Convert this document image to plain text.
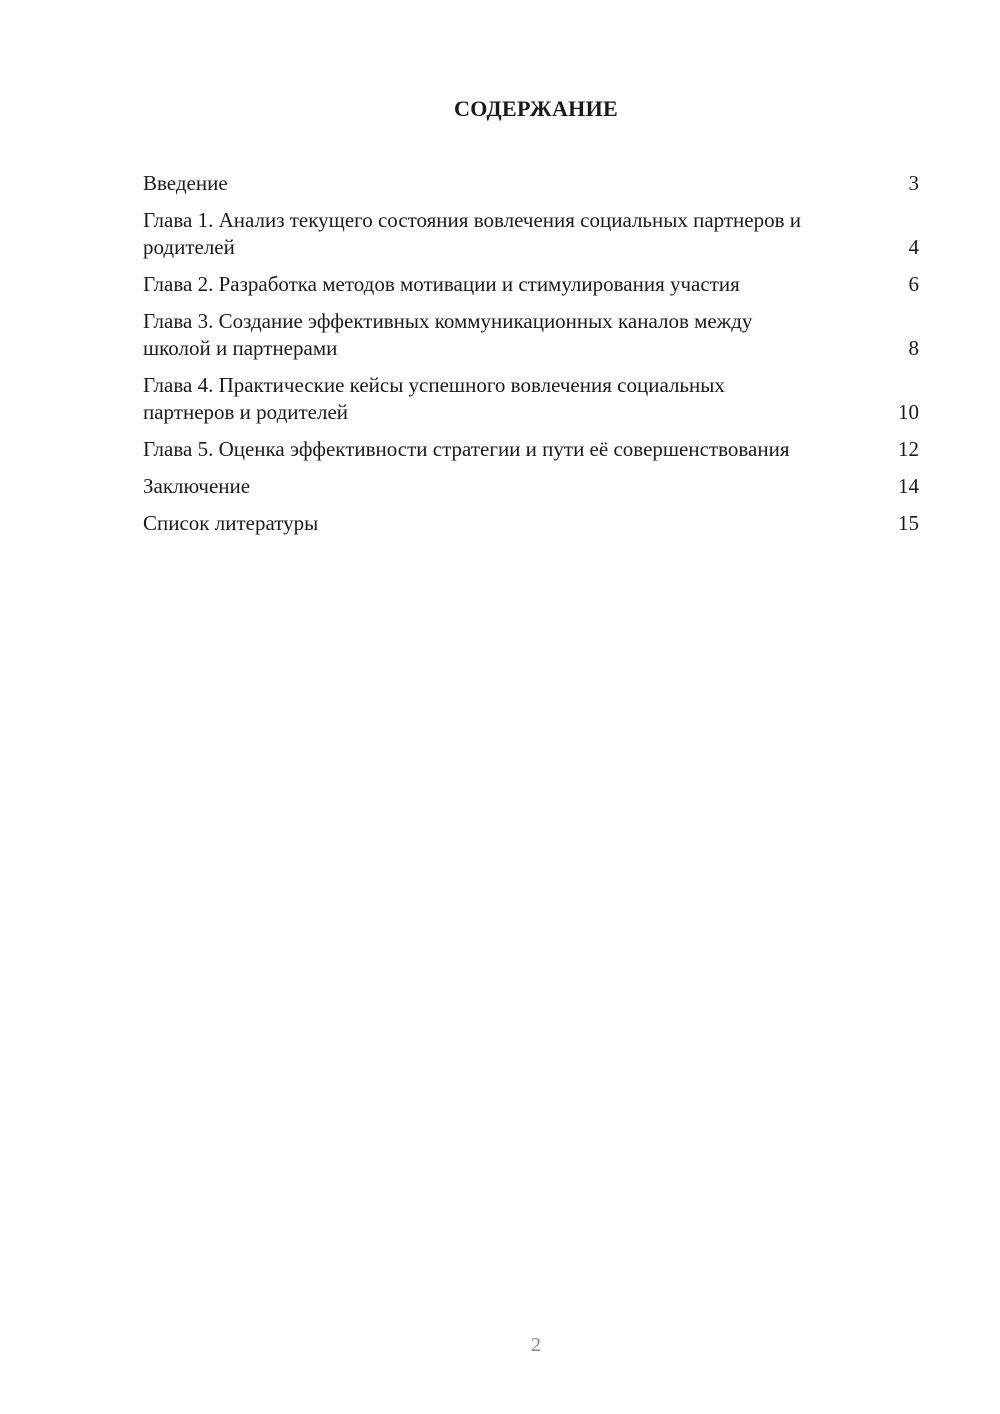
СОДЕРЖАНИЕ
Введение	3
Глава 1. Анализ текущего состояния вовлечения социальных партнеров и родителей	4
Глава 2. Разработка методов мотивации и стимулирования участия	6
Глава 3. Создание эффективных коммуникационных каналов между школой и партнерами	8
Глава 4. Практические кейсы успешного вовлечения социальных партнеров и родителей	10
Глава 5. Оценка эффективности стратегии и пути её совершенствования	12
Заключение	14
Список литературы	15
2
